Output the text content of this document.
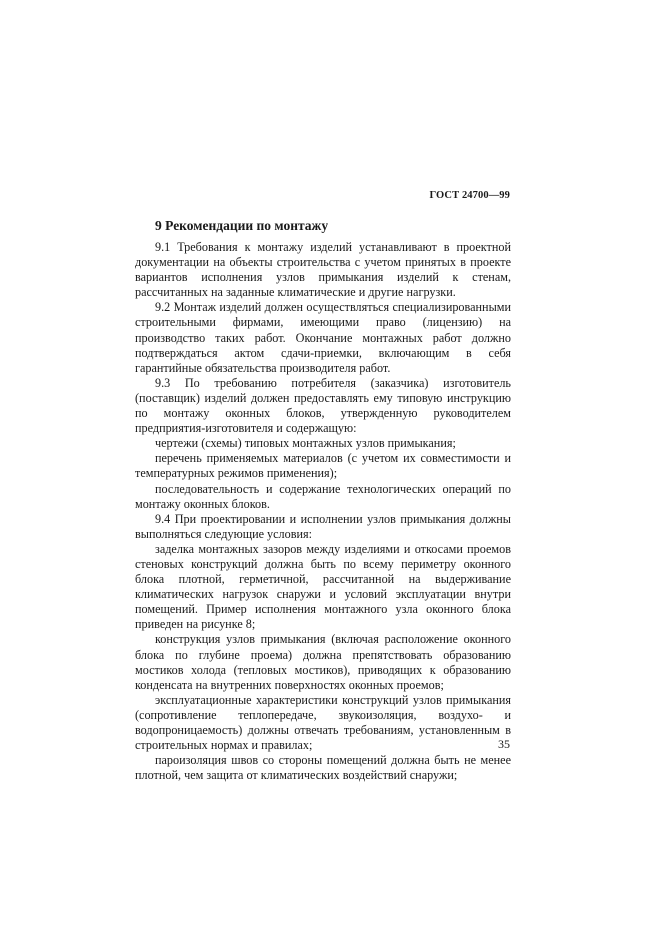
ГОСТ 24700—99
9 Рекомендации по монтажу

9.1 Требования к монтажу изделий устанавливают в проектной документации на объекты строительства с учетом принятых в проекте вариантов исполнения узлов примыкания изделий к стенам, рассчитанных на заданные климатические и другие нагрузки.

9.2 Монтаж изделий должен осуществляться специализированными строительными фирмами, имеющими право (лицензию) на производство таких работ. Окончание монтажных работ должно подтверждаться актом сдачи-приемки, включающим в себя гарантийные обязательства производителя работ.

9.3 По требованию потребителя (заказчика) изготовитель (поставщик) изделий должен предоставлять ему типовую инструкцию по монтажу оконных блоков, утвержденную руководителем предприятия-изготовителя и содержащую:

чертежи (схемы) типовых монтажных узлов примыкания;

перечень применяемых материалов (с учетом их совместимости и температурных режимов применения);

последовательность и содержание технологических операций по монтажу оконных блоков.

9.4 При проектировании и исполнении узлов примыкания должны выполняться следующие условия:

заделка монтажных зазоров между изделиями и откосами проемов стеновых конструкций должна быть по всему периметру оконного блока плотной, герметичной, рассчитанной на выдерживание климатических нагрузок снаружи и условий эксплуатации внутри помещений. Пример исполнения монтажного узла оконного блока приведен на рисунке 8;

конструкция узлов примыкания (включая расположение оконного блока по глубине проема) должна препятствовать образованию мостиков холода (тепловых мостиков), приводящих к образованию конденсата на внутренних поверхностях оконных проемов;

эксплуатационные характеристики конструкций узлов примыкания (сопротивление теплопередаче, звукоизоляция, воздухо- и водопроницаемость) должны отвечать требованиям, установленным в строительных нормах и правилах;

пароизоляция швов со стороны помещений должна быть не менее плотной, чем защита от климатических воздействий снаружи;

35
